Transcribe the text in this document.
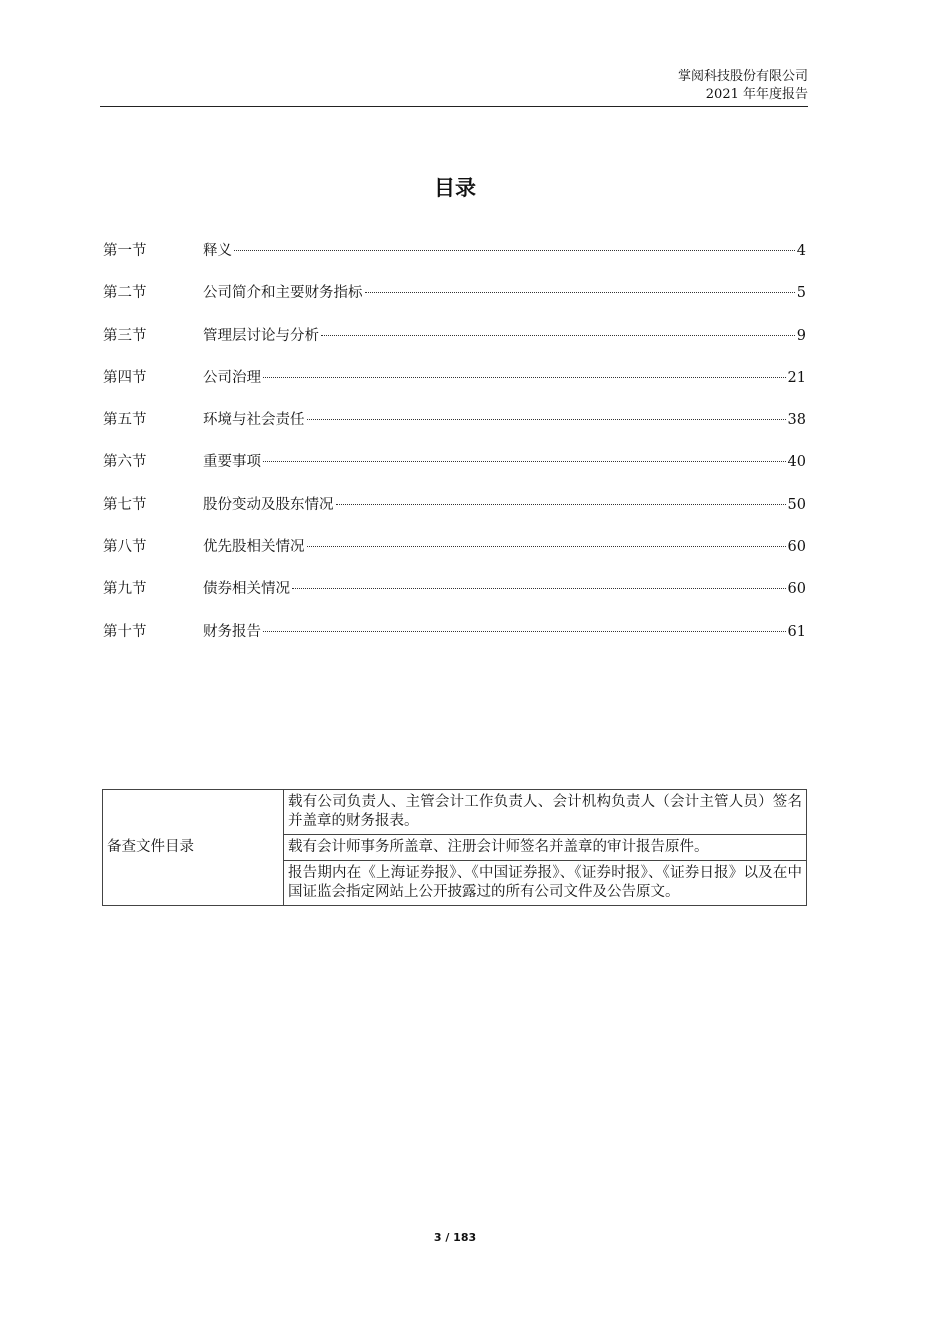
掌阅科技股份有限公司
2021 年年度报告
目录
第一节	释义	4
第二节	公司简介和主要财务指标	5
第三节	管理层讨论与分析	9
第四节	公司治理	21
第五节	环境与社会责任	38
第六节	重要事项	40
第七节	股份变动及股东情况	50
第八节	优先股相关情况	60
第九节	债券相关情况	60
第十节	财务报告	61
备查文件目录	载有公司负责人、主管会计工作负责人、会计机构负责人（会计主管人员）签名并盖章的财务报表。
载有会计师事务所盖章、注册会计师签名并盖章的审计报告原件。
报告期内在《上海证券报》、《中国证券报》、《证券时报》、《证券日报》以及在中国证监会指定网站上公开披露过的所有公司文件及公告原文。
3 / 183
